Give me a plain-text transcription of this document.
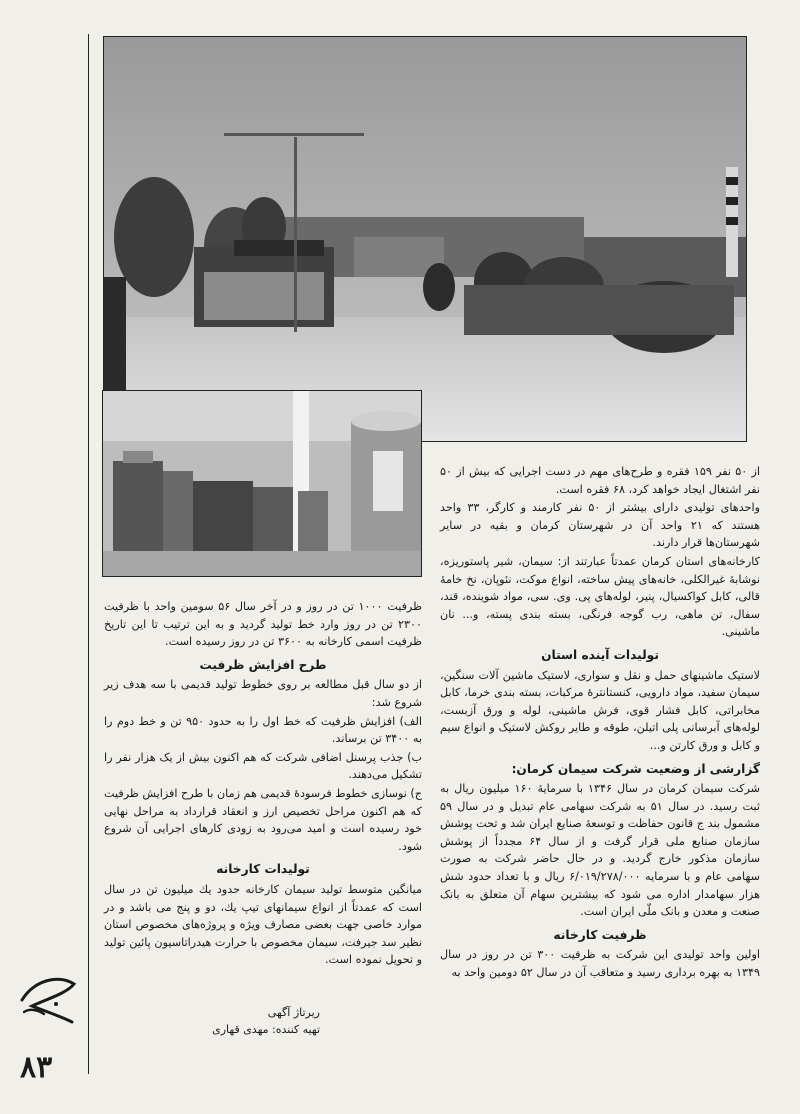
از ۵۰ نفر ۱۵۹ فقره و طرح‌های مهم در دست اجرایی که بیش از ۵۰ نفر اشتغال ایجاد خواهد کرد، ۶۸ فقره است.

واحدهای تولیدی دارای بیشتر از ۵۰ نفر کارمند و کارگر، ۳۳ واحد هستند که ۲۱ واحد آن در شهرستان کرمان و بقیه در سایر شهرستان‌ها قرار دارند.

کارخانه‌های استان کرمان عمدتاً عبارتند از: سیمان، شیر پاستوریزه، نوشابهٔ غیرالکلی، خانه‌های پیش ساخته، انواع موکت، نئوپان، نخ خامهٔ قالی، کابل کواکسیال، پنیر، لوله‌های پی. وی. سی، مواد شوینده، قند، سفال، تن ماهی، رب گوجه فرنگی، بسته بندی پسته، و... نان ماشینی.

تولیدات آینده استان

لاستیک ماشینهای حمل و نقل و سواری، لاستیک ماشین آلات سنگین، سیمان سفید، مواد دارویی، کنستانترهٔ مرکبات، بسته بندی خرما، کابل مخابراتی، کابل فشار قوی، فرش ماشینی، لوله و ورق آزبست، لوله‌های آبرسانی پلی اتیلن، طوقه و طایر روکش لاستیک و انواع سیم و کابل و ورق کارتن و...

گزارشی از وضعیت شرکت سیمان کرمان:

شرکت سیمان کرمان در سال ۱۳۴۶ با سرمایهٔ ۱۶۰ میلیون ریال به ثبت رسید. در سال ۵۱ به شرکت سهامی عام تبدیل و در سال ۵۹ مشمول بند ج قانون حفاظت و توسعهٔ صنایع ایران شد و تحت پوشش سازمان صنایع ملی قرار گرفت و از سال ۶۴ مجدداً از پوشش سازمان مذکور خارج گردید. و در حال حاضر شرکت به صورت سهامی عام و با سرمایه ۶/۰۱۹/۲۷۸/۰۰۰ ریال و با تعداد حدود شش هزار سهامدار اداره می شود که بیشترین سهام آن متعلق به بانک صنعت و معدن و بانک ملّی ایران است.

ظرفیت کارخانه

اولین واحد تولیدی این شرکت به ظرفیت ۳۰۰ تن در روز در سال ۱۳۴۹ به بهره برداری رسید و متعاقب آن در سال ۵۲ دومین واحد به

ظرفیت ۱۰۰۰ تن در روز و در آخر سال ۵۶ سومین واحد با ظرفیت ۲۳۰۰ تن در روز وارد خط تولید گردید و به این ترتیب تا این تاریخ ظرفیت اسمی کارخانه به ۳۶۰۰ تن در روز رسیده است.

طرح افزایش ظرفیت

از دو سال قبل مطالعه بر روی خطوط تولید قدیمی با سه هدف زیر شروع شد:

الف) افزایش ظرفیت که خط اول را به حدود ۹۵۰ تن و خط دوم را به ۳۴۰۰ تن برساند.

ب) جذب پرسنل اضافی شرکت که هم اکنون بیش از یک هزار نفر را تشکیل می‌دهند.

ج) نوسازی خطوط فرسودهٔ قدیمی هم زمان با طرح افزایش ظرفیت که هم اکنون مراحل تخصیص ارز و انعقاد قرارداد به مراحل نهایی خود رسیده است و امید می‌رود به زودی کارهای اجرایی آن شروع شود.

تولیدات کارخانه

میانگین متوسط تولید سیمان کارخانه حدود یك میلیون تن در سال است که عمدتاً از انواع سیمانهای تیپ یك، دو و پنج می باشد و در موارد خاصی جهت بعضی مصارف ویژه و پروژه‌های مخصوص استان نظیر سد جیرفت، سیمان مخصوص با حرارت هیدراتاسیون پائین تولید و تحویل نموده است.

ریرتاژ آگهی
تهیه کننده: مهدی قهاری
۸۳
